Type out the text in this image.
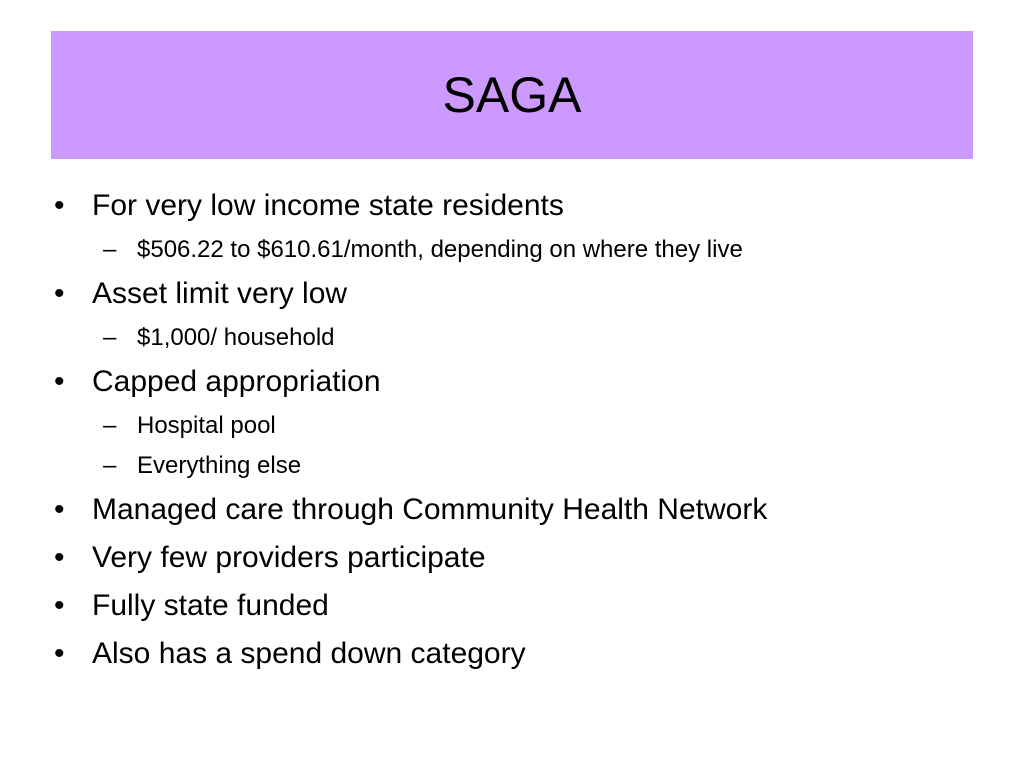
SAGA
• For very low income state residents
– $506.22 to $610.61/month, depending on where they live
• Asset limit very low
– $1,000/ household
• Capped appropriation
– Hospital pool
– Everything else
• Managed care through Community Health Network
• Very few providers participate
• Fully state funded
• Also has a spend down category
